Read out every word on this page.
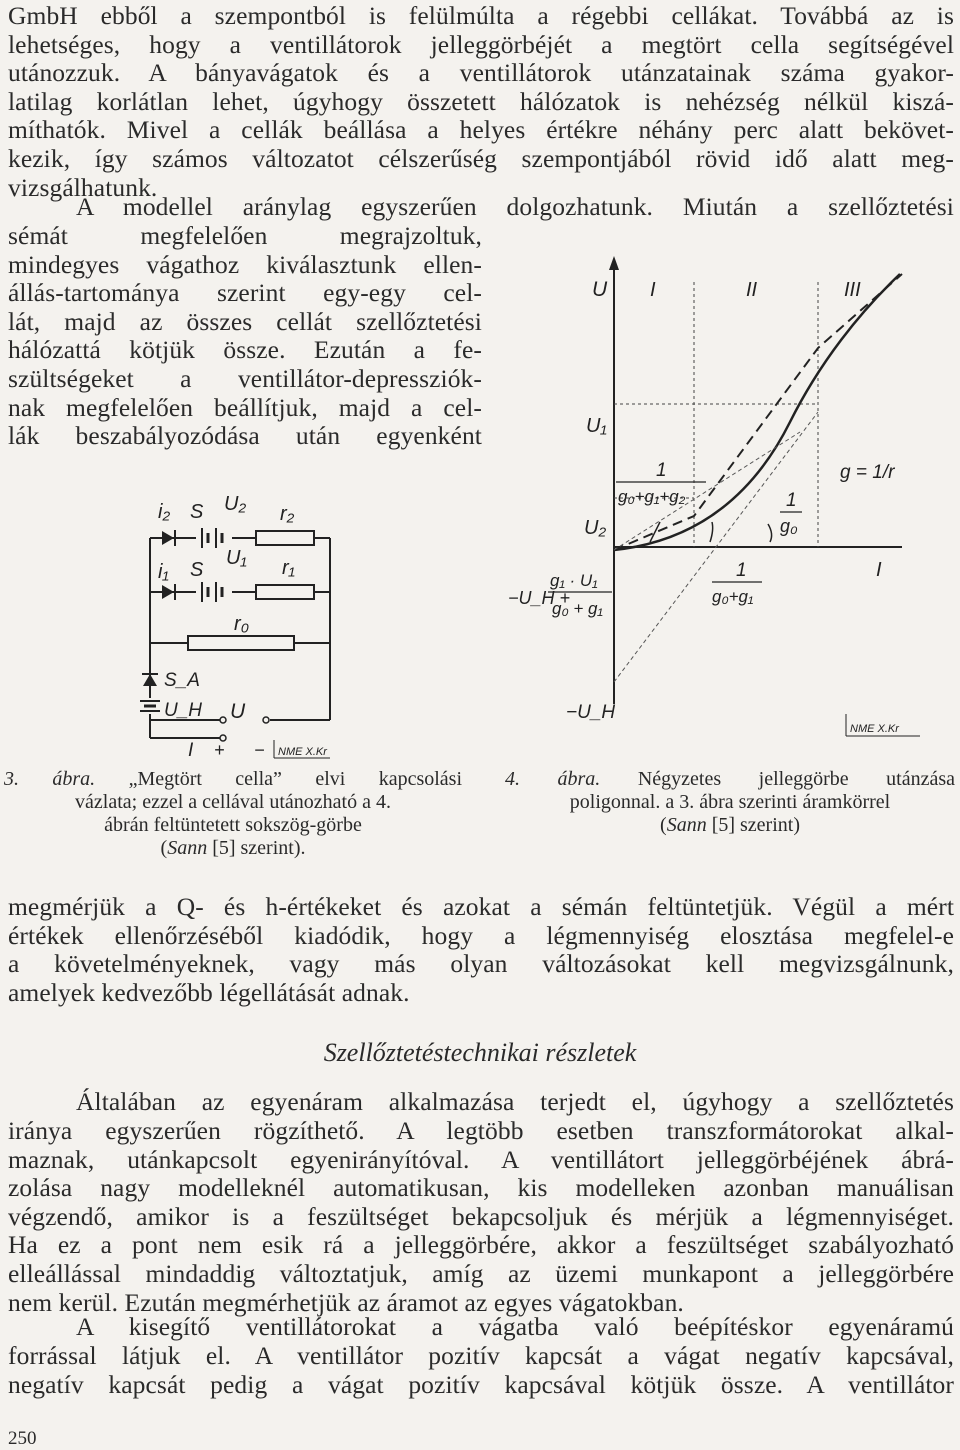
GmbH ebből a szempontból is felülmúlta a régebbi cellákat. Továbbá az is
lehetséges, hogy a ventillátorok jelleggörbéjét a megtört cella segítségével
utánozzuk. A bányavágatok és a ventillátorok utánzatainak száma gyakor-
latilag korlátlan lehet, úgyhogy összetett hálózatok is nehézség nélkül kiszá-
míthatók. Mivel a cellák beállása a helyes értékre néhány perc alatt bekövet-
kezik, így számos változatot célszerűség szempontjából rövid idő alatt meg-
vizsgálhatunk.
A modellel aránylag egyszerűen dolgozhatunk. Miután a szellőztetési
sémát megfelelően megrajzoltuk,
mindegyes vágathoz kiválasztunk ellen-
állás-tartománya szerint egy-egy cel-
lát, majd az összes cellát szellőztetési
hálózattá kötjük össze. Ezután a fe-
szültségeket a ventillátor-depressziók-
nak megfelelően beállítjuk, majd a cel-
lák beszabályozódása után egyenként
i₂ S U₂ r₂
i₁ S
U₁ r₁
r₀
S_A
U_H U
I + − NME X.Kr
3. ábra. „Megtört cella” elvi kapcsolási
vázlata; ezzel a cellával utánozható a 4.
ábrán feltüntetett sokszög-görbe
(Sann [5] szerint).
U I	II	III
U₁
U₂
−U_H
I
1
g₀+g₁+g₂
g = 1/r
1
g₀
1
g₀+g₁
−U_H +
g₁ · U₁
g₀ + g₁
NME X.Kr
4. ábra. Négyzetes jelleggörbe utánzása
poligonnal. a 3. ábra szerinti áramkörrel
(Sann [5] szerint)
megmérjük a Q- és h-értékeket és azokat a sémán feltüntetjük. Végül a mért
értékek ellenőrzéséből kiadódik, hogy a légmennyiség elosztása megfelel-e
a követelményeknek, vagy más olyan változásokat kell megvizsgálnunk,
amelyek kedvezőbb légellátását adnak.
Szellőztetéstechnikai részletek
Általában az egyenáram alkalmazása terjedt el, úgyhogy a szellőztetés
iránya egyszerűen rögzíthető. A legtöbb esetben transzformátorokat alkal-
maznak, utánkapcsolt egyenirányítóval. A ventillátort jelleggörbéjének ábrá-
zolása nagy modelleknél automatikusan, kis modelleken azonban manuálisan
végzendő, amikor is a feszültséget bekapcsoljuk és mérjük a légmennyiséget.
Ha ez a pont nem esik rá a jelleggörbére, akkor a feszültséget szabályozható
elleállással mindaddig változtatjuk, amíg az üzemi munkapont a jelleggörbére
nem kerül. Ezután megmérhetjük az áramot az egyes vágatokban.
A kisegítő ventillátorokat a vágatba való beépítéskor egyenáramú
forrással látjuk el. A ventillátor pozitív kapcsát a vágat negatív kapcsával,
negatív kapcsát pedig a vágat pozitív kapcsával kötjük össze. A ventillátor
250
